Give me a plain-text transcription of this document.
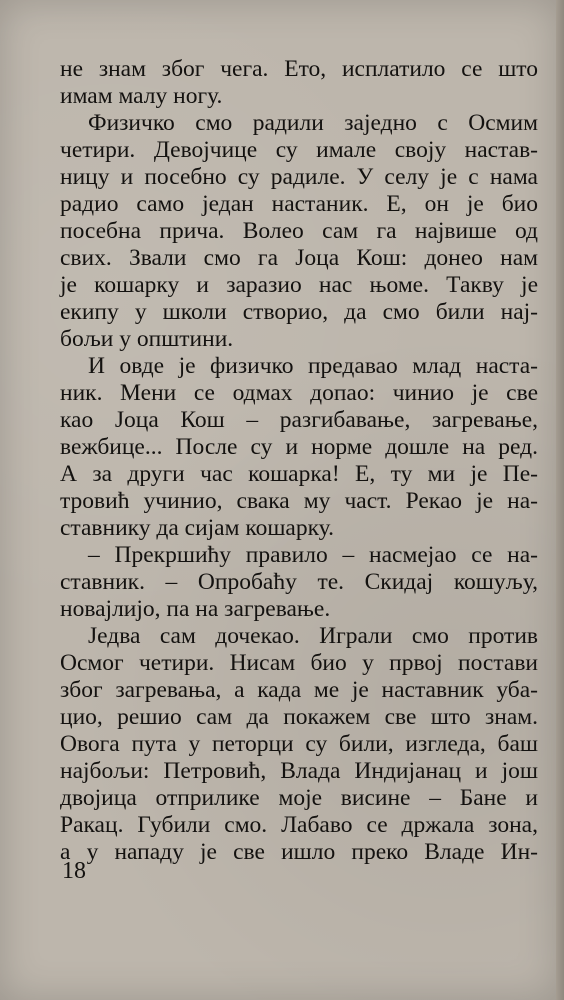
не знам због чега. Ето, исплатило се што
имам малу ногу.
Физичко смо радили заједно с Осмим
четири. Девојчице су имале своју настав-
ницу и посебно су радиле. У селу је с нама
радио само један настаник. Е, он је био
посебна прича. Волео сам га највише од
свих. Звали смо га Јоца Кош: донео нам
је кошарку и заразио нас њоме. Такву је
екипу у школи створио, да смо били нај-
бољи у општини.
И овде је физичко предавао млад наста-
ник. Мени се одмах допао: чинио је све
као Јоца Кош – разгибавање, загревање,
вежбице... После су и норме дошле на ред.
А за други час кошарка! Е, ту ми је Пе-
тровић учинио, свака му част. Рекао је на-
ставнику да сијам кошарку.
– Прекршићу правило – насмејао се на-
ставник. – Опробаћу те. Скидај кошуљу,
новајлијо, па на загревање.
Једва сам дочекао. Играли смо против
Осмог четири. Нисам био у првој постави
због загревања, а када ме је наставник уба-
цио, решио сам да покажем све што знам.
Овога пута у петорци су били, изгледа, баш
најбољи: Петровић, Влада Индијанац и још
двојица отприлике моје висине – Бане и
Ракац. Губили смо. Лабаво се држала зона,
а у нападу је све ишло преко Владе Ин-
18
